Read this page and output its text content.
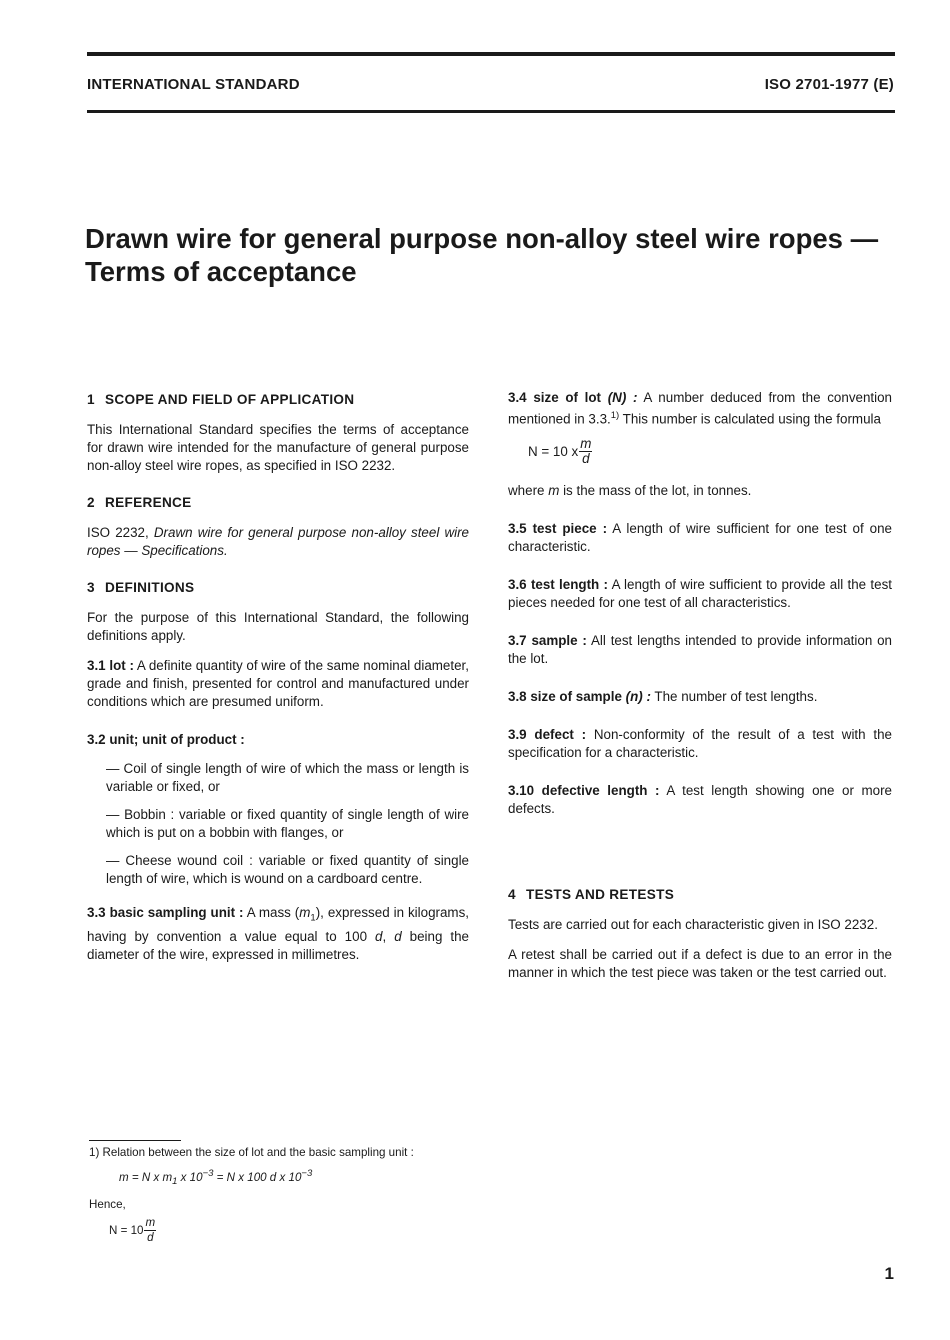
INTERNATIONAL STANDARD	ISO 2701-1977 (E)
Drawn wire for general purpose non-alloy steel wire ropes —
Terms of acceptance
1 SCOPE AND FIELD OF APPLICATION

This International Standard specifies the terms of acceptance for drawn wire intended for the manufacture of general purpose non-alloy steel wire ropes, as specified in ISO 2232.

2 REFERENCE

ISO 2232, Drawn wire for general purpose non-alloy steel wire ropes — Specifications.

3 DEFINITIONS

For the purpose of this International Standard, the following definitions apply.

3.1 lot : A definite quantity of wire of the same nominal diameter, grade and finish, presented for control and manufactured under conditions which are presumed uniform.

3.2 unit; unit of product :

— Coil of single length of wire of which the mass or length is variable or fixed, or

— Bobbin : variable or fixed quantity of single length of wire which is put on a bobbin with flanges, or

— Cheese wound coil : variable or fixed quantity of single length of wire, which is wound on a cardboard centre.

3.3 basic sampling unit : A mass $(m_1)$, expressed in kilograms, having by convention a value equal to 100 d, d being the diameter of the wire, expressed in millimetres.

3.4 size of lot (N) : A number deduced from the convention mentioned in 3.3.$^{1)}$ This number is calculated using the formula

N = 10 x $\frac{m}{d}$

where m is the mass of the lot, in tonnes.

3.5 test piece : A length of wire sufficient for one test of one characteristic.

3.6 test length : A length of wire sufficient to provide all the test pieces needed for one test of all characteristics.

3.7 sample : All test lengths intended to provide information on the lot.

3.8 size of sample (n) : The number of test lengths.

3.9 defect : Non-conformity of the result of a test with the specification for a characteristic.

3.10 defective length : A test length showing one or more defects.

4 TESTS AND RETESTS

Tests are carried out for each characteristic given in ISO 2232.

A retest shall be carried out if a defect is due to an error in the manner in which the test piece was taken or the test carried out.

1) Relation between the size of lot and the basic sampling unit :

m = N x $m_1$ x $10^{-3} = N$ x 100 d x $10^{-3}$

Hence,

$N = 10 \frac{m}{d}$
1
